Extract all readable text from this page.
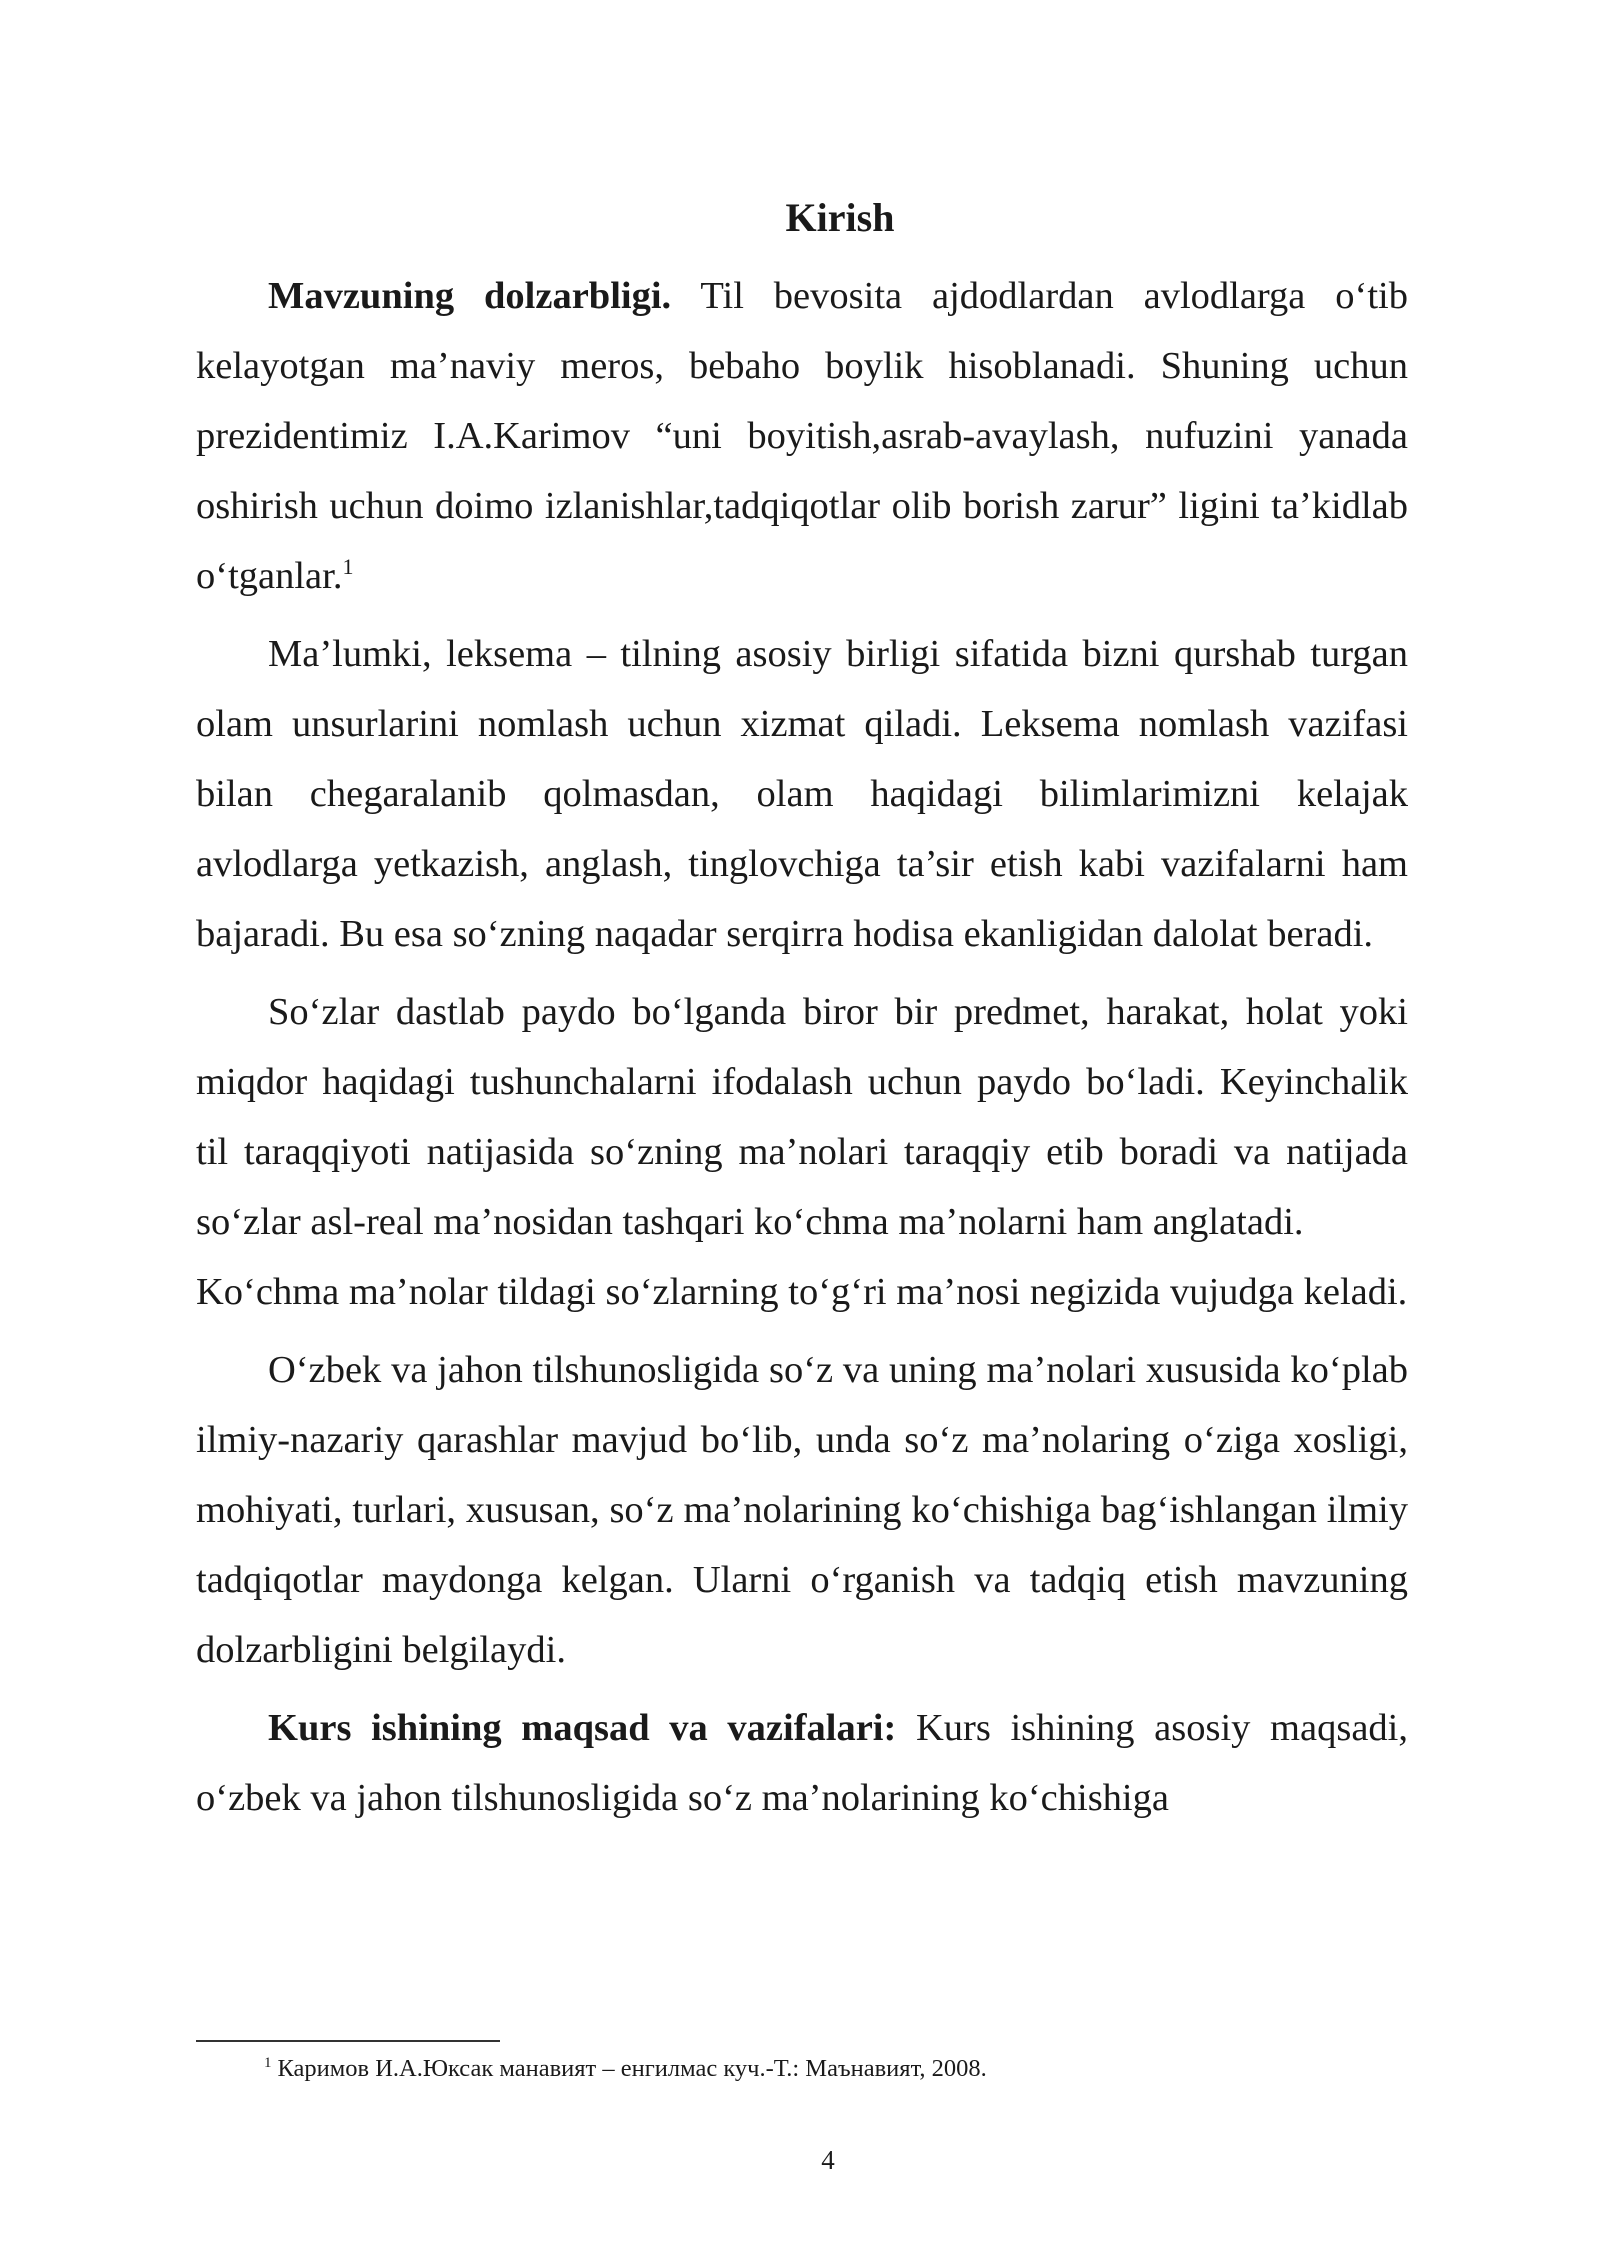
Kirish

Mavzuning dolzarbligi. Til bevosita ajdodlardan avlodlarga o‘tib kelayotgan ma’naviy meros, bebaho boylik hisoblanadi. Shuning uchun prezidentimiz I.A.Karimov “uni boyitish,asrab-avaylash, nufuzini yanada oshirish uchun doimo izlanishlar,tadqiqotlar olib borish zarur” ligini ta’kidlab o‘tganlar.$^1$

Ma’lumki, leksema – tilning asosiy birligi sifatida bizni qurshab turgan olam unsurlarini nomlash uchun xizmat qiladi. Leksema nomlash vazifasi bilan chegaralanib qolmasdan, olam haqidagi bilimlarimizni kelajak avlodlarga yetkazish, anglash, tinglovchiga ta’sir etish kabi vazifalarni ham bajaradi. Bu esa so‘zning naqadar serqirra hodisa ekanligidan dalolat beradi.

So‘zlar dastlab paydo bo‘lganda biror bir predmet, harakat, holat yoki miqdor haqidagi tushunchalarni ifodalash uchun paydo bo‘ladi. Keyinchalik til taraqqiyoti natijasida so‘zning ma’nolari taraqqiy etib boradi va natijada so‘zlar asl-real ma’nosidan tashqari ko‘chma ma’nolarni ham anglatadi.

Ko‘chma ma’nolar tildagi so‘zlarning to‘g‘ri ma’nosi negizida vujudga keladi.

O‘zbek va jahon tilshunosligida so‘z va uning ma’nolari xususida ko‘plab ilmiy-nazariy qarashlar mavjud bo‘lib, unda so‘z ma’nolaring o‘ziga xosligi, mohiyati, turlari, xususan, so‘z ma’nolarining ko‘chishiga bag‘ishlangan ilmiy tadqiqotlar maydonga kelgan. Ularni o‘rganish va tadqiq etish mavzuning dolzarbligini belgilaydi.

Kurs ishining maqsad va vazifalari: Kurs ishining asosiy maqsadi, o‘zbek va jahon tilshunosligida so‘z ma’nolarining ko‘chishiga

$^1$ Каримов И.А.Юксак манавият – енгилмас куч.-Т.: Маънавият, 2008.

4
